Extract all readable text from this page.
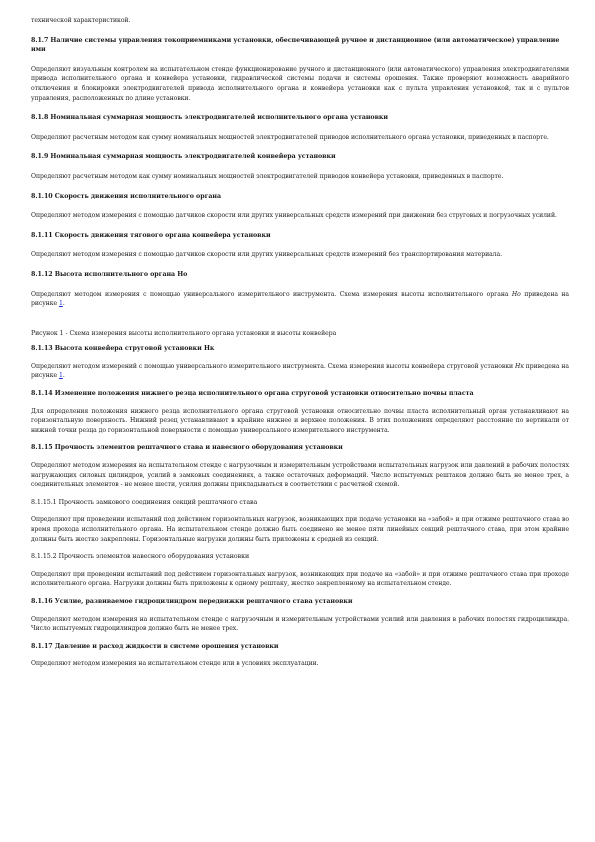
технической характеристикой.

8.1.7 Наличие системы управления токоприемниками установки, обеспечивающей ручное и дистанционное (или автоматическое) управление ими

Определяют визуальным контролем на испытательном стенде функционирование ручного и дистанционного (или автоматического) управления электродвигателями привода исполнительного органа и конвейера установки, гидравлической системы подачи и системы орошения. Также проверяют возможность аварийного отключения и блокировки электродвигателей привода исполнительного органа и конвейера установки как с пульта управления установкой, так и с пультов управления, расположенных по длине установки.

8.1.8 Номинальная суммарная мощность электродвигателей исполнительного органа установки

Определяют расчетным методом как сумму номинальных мощностей электродвигателей приводов исполнительного органа установки, приведенных в паспорте.

8.1.9 Номинальная суммарная мощность электродвигателей конвейера установки

Определяют расчетным методом как сумму номинальных мощностей электродвигателей приводов конвейера установки, приведенных в паспорте.

8.1.10 Скорость движения исполнительного органа

Определяют методом измерения с помощью датчиков скорости или других универсальных средств измерений при движении без струговых и погрузочных усилий.

8.1.11 Скорость движения тягового органа конвейера установки

Определяют методом измерения с помощью датчиков скорости или других универсальных средств измерений без транспортирования материала.

8.1.12 Высота исполнительного органа Ho

Определяют методом измерения с помощью универсального измерительного инструмента. Схема измерения высоты исполнительного органа Ho приведена на рисунке 1.

Рисунок 1 - Схема измерения высоты исполнительного органа установки и высоты конвейера

8.1.13 Высота конвейера струговой установки Hк

Определяют методом измерений с помощью универсального измерительного инструмента. Схема измерения высоты конвейера струговой установки Hк приведена на рисунке 1.

8.1.14 Изменение положения нижнего резца исполнительного органа струговой установки относительно почвы пласта

Для определения положения нижнего резца исполнительного органа струговой установки относительно почвы пласта исполнительный орган устанавливают на горизонтальную поверхность. Нижний резец устанавливают в крайние нижнее и верхнее положения. В этих положениях определяют расстояние по вертикали от нижней точки резца до горизонтальной поверхности с помощью универсального измерительного инструмента.

8.1.15 Прочность элементов рештачного става и навесного оборудования установки

Определяют методом измерения на испытательном стенде с нагрузочным и измерительным устройствами испытательных нагрузок или давлений в рабочих полостях нагружающих силовых цилиндров, усилий в замковых соединениях, а также остаточных деформаций. Число испытуемых рештаков должно быть не менее трех, а соединительных элементов - не менее шести, усилия должны прикладываться в соответствии с расчетной схемой.

8.1.15.1 Прочность замкового соединения секций рештачного става

Определяют при проведении испытаний под действием горизонтальных нагрузок, возникающих при подаче установки на «забой» и при отжиме рештачного става во время прохода исполнительного органа. На испытательном стенде должно быть соединено не менее пяти линейных секций рештачного става, при этом крайние должны быть жестко закреплены. Горизонтальные нагрузки должны быть приложены к средней из секций.

8.1.15.2 Прочность элементов навесного оборудования установки

Определяют при проведении испытаний под действием горизонтальных нагрузок, возникающих при подаче на «забой» и при отжиме рештачного става при проходе исполнительного органа. Нагрузки должны быть приложены к одному рештаку, жестко закрепленному на испытательном стенде.

8.1.16 Усилие, развиваемое гидроцилиндром передвижки рештачного става установки

Определяют методом измерения на испытательном стенде с нагрузочным и измерительным устройствами усилий или давления в рабочих полостях гидроцилиндра. Число испытуемых гидроцилиндров должно быть не менее трех.

8.1.17 Давление и расход жидкости в системе орошения установки

Определяют методом измерения на испытательном стенде или в условиях эксплуатации.
